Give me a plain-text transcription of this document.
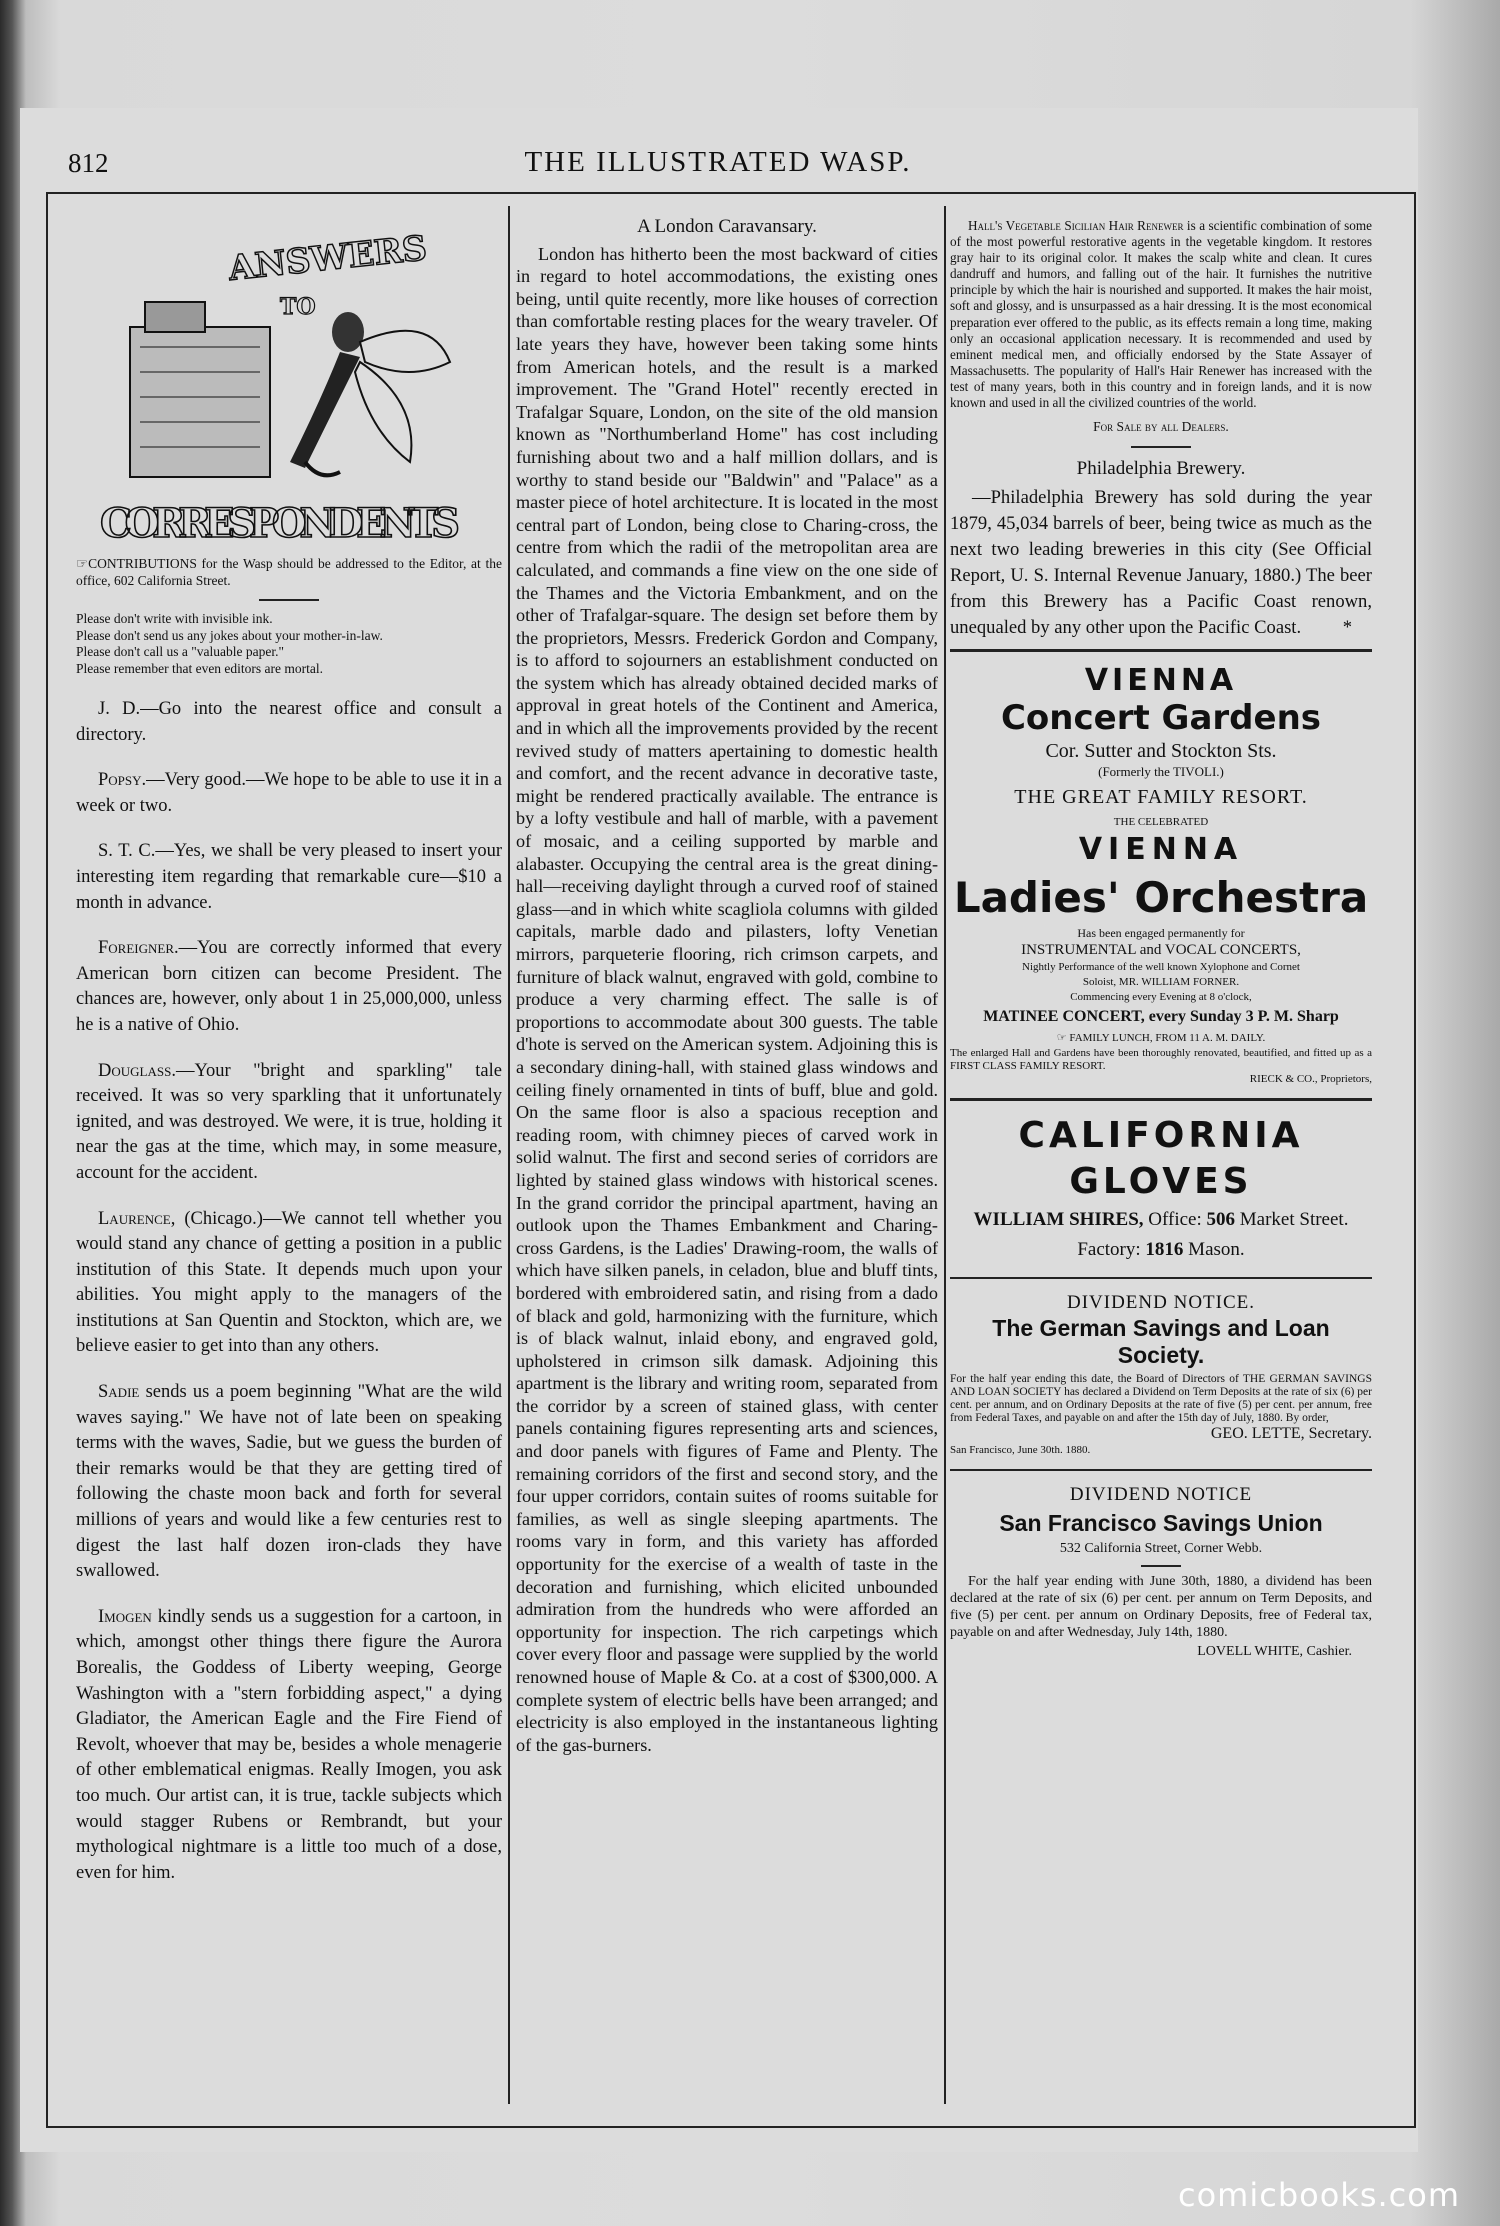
812	THE ILLUSTRATED WASP.
ANSWERS
TO
CORRESPONDENTS
☞CONTRIBUTIONS for the Wasp should be addressed to the Editor, at the office, 602 California Street.
Please don't write with invisible ink.
Please don't send us any jokes about your mother-in-law.
Please don't call us a "valuable paper."
Please remember that even editors are mortal.

J. D.—Go into the nearest office and consult a directory.

Popsy.—Very good.—We hope to be able to use it in a week or two.

S. T. C.—Yes, we shall be very pleased to insert your interesting item regarding that remarkable cure—$10 a month in advance.

Foreigner.—You are correctly informed that every American born citizen can become President. The chances are, however, only about 1 in 25,000,000, unless he is a native of Ohio.

Douglass.—Your "bright and sparkling" tale received. It was so very sparkling that it unfortunately ignited, and was destroyed. We were, it is true, holding it near the gas at the time, which may, in some measure, account for the accident.

Laurence, (Chicago.)—We cannot tell whether you would stand any chance of getting a position in a public institution of this State. It depends much upon your abilities. You might apply to the managers of the institutions at San Quentin and Stockton, which are, we believe easier to get into than any others.

Sadie sends us a poem beginning "What are the wild waves saying." We have not of late been on speaking terms with the waves, Sadie, but we guess the burden of their remarks would be that they are getting tired of following the chaste moon back and forth for several millions of years and would like a few centuries rest to digest the last half dozen iron-clads they have swallowed.

Imogen kindly sends us a suggestion for a cartoon, in which, amongst other things there figure the Aurora Borealis, the Goddess of Liberty weeping, George Washington with a "stern forbidding aspect," a dying Gladiator, the American Eagle and the Fire Fiend of Revolt, whoever that may be, besides a whole menagerie of other emblematical enigmas. Really Imogen, you ask too much. Our artist can, it is true, tackle subjects which would stagger Rubens or Rembrandt, but your mythological nightmare is a little too much of a dose, even for him.

A London Caravansary.

London has hitherto been the most backward of cities in regard to hotel accommodations, the existing ones being, until quite recently, more like houses of correction than comfortable resting places for the weary traveler. Of late years they have, however been taking some hints from American hotels, and the result is a marked improvement. The "Grand Hotel" recently erected in Trafalgar Square, London, on the site of the old mansion known as "Northumberland Home" has cost including furnishing about two and a half million dollars, and is worthy to stand beside our "Baldwin" and "Palace" as a master piece of hotel architecture. It is located in the most central part of London, being close to Charing-cross, the centre from which the radii of the metropolitan area are calculated, and commands a fine view on the one side of the Thames and the Victoria Embankment, and on the other of Trafalgar-square. The design set before them by the proprietors, Messrs. Frederick Gordon and Company, is to afford to sojourners an establishment conducted on the system which has already obtained decided marks of approval in great hotels of the Continent and America, and in which all the improvements provided by the recent revived study of matters apertaining to domestic health and comfort, and the recent advance in decorative taste, might be rendered practically available. The entrance is by a lofty vestibule and hall of marble, with a pavement of mosaic, and a ceiling supported by marble and alabaster. Occupying the central area is the great dining-hall—receiving daylight through a curved roof of stained glass—and in which white scagliola columns with gilded capitals, marble dado and pilasters, lofty Venetian mirrors, parqueterie flooring, rich crimson carpets, and furniture of black walnut, engraved with gold, combine to produce a very charming effect. The salle is of proportions to accommodate about 300 guests. The table d'hote is served on the American system. Adjoining this is a secondary dining-hall, with stained glass windows and ceiling finely ornamented in tints of buff, blue and gold. On the same floor is also a spacious reception and reading room, with chimney pieces of carved work in solid walnut. The first and second series of corridors are lighted by stained glass windows with historical scenes. In the grand corridor the principal apartment, having an outlook upon the Thames Embankment and Charing-cross Gardens, is the Ladies' Drawing-room, the walls of which have silken panels, in celadon, blue and bluff tints, bordered with embroidered satin, and rising from a dado of black and gold, harmonizing with the furniture, which is of black walnut, inlaid ebony, and engraved gold, upholstered in crimson silk damask. Adjoining this apartment is the library and writing room, separated from the corridor by a screen of stained glass, with center panels containing figures representing arts and sciences, and door panels with figures of Fame and Plenty. The remaining corridors of the first and second story, and the four upper corridors, contain suites of rooms suitable for families, as well as single sleeping apartments. The rooms vary in form, and this variety has afforded opportunity for the exercise of a wealth of taste in the decoration and furnishing, which elicited unbounded admiration from the hundreds who were afforded an opportunity for inspection. The rich carpetings which cover every floor and passage were supplied by the world renowned house of Maple & Co. at a cost of $300,000. A complete system of electric bells have been arranged; and electricity is also employed in the instantaneous lighting of the gas-burners.

Hall's Vegetable Sicilian Hair Renewer is a scientific combination of some of the most powerful restorative agents in the vegetable kingdom. It restores gray hair to its original color. It makes the scalp white and clean. It cures dandruff and humors, and falling out of the hair. It furnishes the nutritive principle by which the hair is nourished and supported. It makes the hair moist, soft and glossy, and is unsurpassed as a hair dressing. It is the most economical preparation ever offered to the public, as its effects remain a long time, making only an occasional application necessary. It is recommended and used by eminent medical men, and officially endorsed by the State Assayer of Massachusetts. The popularity of Hall's Hair Renewer has increased with the test of many years, both in this country and in foreign lands, and it is now known and used in all the civilized countries of the world.
For Sale by all Dealers.
Philadelphia Brewery.
—Philadelphia Brewery has sold during the year 1879, 45,034 barrels of beer, being twice as much as the next two leading breweries in this city (See Official Report, U. S. Internal Revenue January, 1880.) The beer from this Brewery has a Pacific Coast renown, unequaled by any other upon the Pacific Coast.	*
VIENNA
Concert Gardens
Cor. Sutter and Stockton Sts.
(Formerly the TIVOLI.)
THE GREAT FAMILY RESORT.
THE CELEBRATED
VIENNA
Ladies' Orchestra
Has been engaged permanently for
INSTRUMENTAL and VOCAL CONCERTS,
Nightly Performance of the well known Xylophone and Cornet
Soloist, MR. WILLIAM FORNER.
Commencing every Evening at 8 o'clock,
MATINEE CONCERT, every Sunday 3 P. M. Sharp
☞ FAMILY LUNCH, FROM 11 A. M. DAILY.
The enlarged Hall and Gardens have been thoroughly renovated, beautified, and fitted up as a FIRST CLASS FAMILY RESORT.
RIECK & CO., Proprietors,
CALIFORNIA
GLOVES
WILLIAM SHIRES, Office: 506 Market Street. Factory: 1816 Mason.
DIVIDEND NOTICE.
The German Savings and Loan Society.
For the half year ending this date, the Board of Directors of THE GERMAN SAVINGS AND LOAN SOCIETY has declared a Dividend on Term Deposits at the rate of six (6) per cent. per annum, and on Ordinary Deposits at the rate of five (5) per cent. per annum, free from Federal Taxes, and payable on and after the 15th day of July, 1880. By order,
GEO. LETTE, Secretary.
San Francisco, June 30th. 1880.
DIVIDEND NOTICE
San Francisco Savings Union
532 California Street, Corner Webb.
For the half year ending with June 30th, 1880, a dividend has been declared at the rate of six (6) per cent. per annum on Term Deposits, and five (5) per cent. per annum on Ordinary Deposits, free of Federal tax, payable on and after Wednesday, July 14th, 1880.
LOVELL WHITE, Cashier.
comicbooks.com
